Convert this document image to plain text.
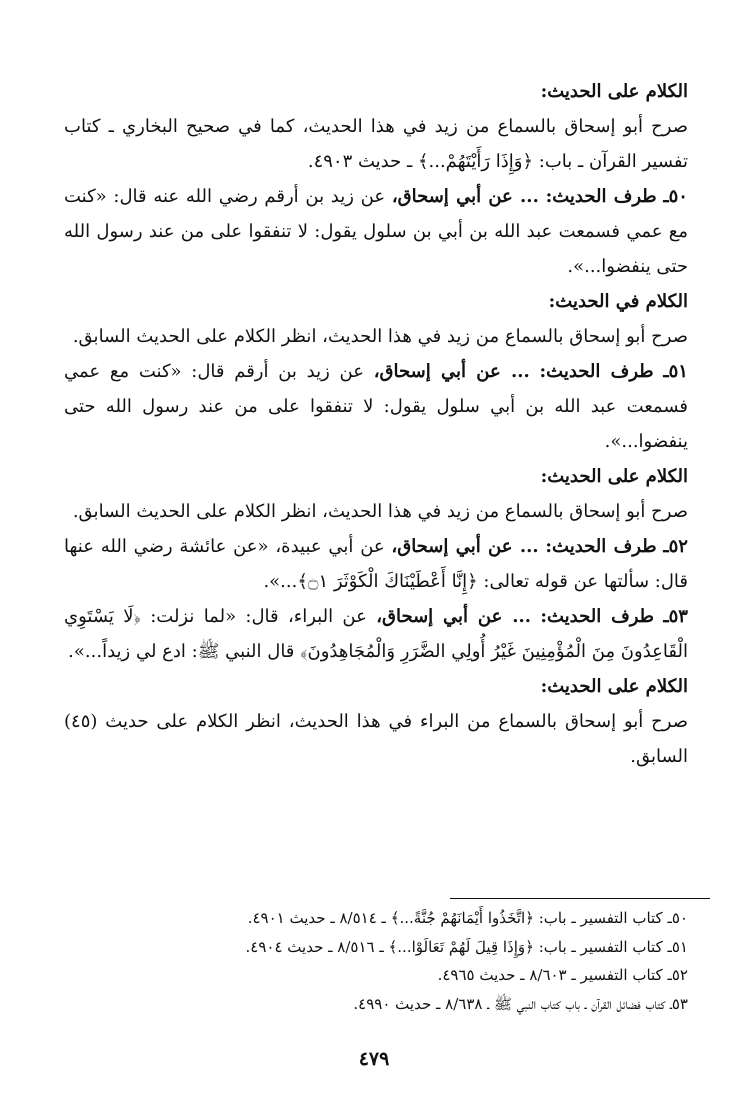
الكلام على الحديث:

صرح أبو إسحاق بالسماع من زيد في هذا الحديث، كما في صحيح البخاري ـ كتاب تفسير القرآن ـ باب: ﴿وَإِذَا رَأَيْتَهُمْ...﴾ ـ حديث ٤٩٠٣.

٥٠ـ طرف الحديث: ... عن أبي إسحاق، عن زيد بن أرقم رضي الله عنه قال: «كنت مع عمي فسمعت عبد الله بن أبي بن سلول يقول: لا تنفقوا على من عند رسول الله حتى ينفضوا...».

الكلام في الحديث:

صرح أبو إسحاق بالسماع من زيد في هذا الحديث، انظر الكلام على الحديث السابق.

٥١ـ طرف الحديث: ... عن أبي إسحاق، عن زيد بن أرقم قال: «كنت مع عمي فسمعت عبد الله بن أبي سلول يقول: لا تنفقوا على من عند رسول الله حتى ينفضوا...».

الكلام على الحديث:

صرح أبو إسحاق بالسماع من زيد في هذا الحديث، انظر الكلام على الحديث السابق.

٥٢ـ طرف الحديث: ... عن أبي إسحاق، عن أبي عبيدة، «عن عائشة رضي الله عنها قال: سألتها عن قوله تعالى: ﴿إِنَّا أَعْطَيْنَاكَ الْكَوْثَرَ ۝١﴾...».

٥٣ـ طرف الحديث: ... عن أبي إسحاق، عن البراء، قال: «لما نزلت: ﴿لَا يَسْتَوِي الْقَاعِدُونَ مِنَ الْمُؤْمِنِينَ غَيْرُ أُولِي الضَّرَرِ وَالْمُجَاهِدُونَ﴾ قال النبي ﷺ: ادع لي زيداً...».

الكلام على الحديث:

صرح أبو إسحاق بالسماع من البراء في هذا الحديث، انظر الكلام على حديث (٤٥) السابق.

٥٠ـ كتاب التفسير ـ باب: ﴿اتَّخَذُوا أَيْمَانَهُمْ جُنَّةً...﴾ ـ ٨/٥١٤ ـ حديث ٤٩٠١.

٥١ـ كتاب التفسير ـ باب: ﴿وَإِذَا قِيلَ لَهُمْ تَعَالَوْا...﴾ ـ ٨/٥١٦ ـ حديث ٤٩٠٤.

٥٢ـ كتاب التفسير ـ ٨/٦٠٣ ـ حديث ٤٩٦٥.

٥٣ـ كتاب فضائل القرآن ـ باب كتاب النبي ﷺ ـ ٨/٦٣٨ ـ حديث ٤٩٩٠.

٤٧٩
